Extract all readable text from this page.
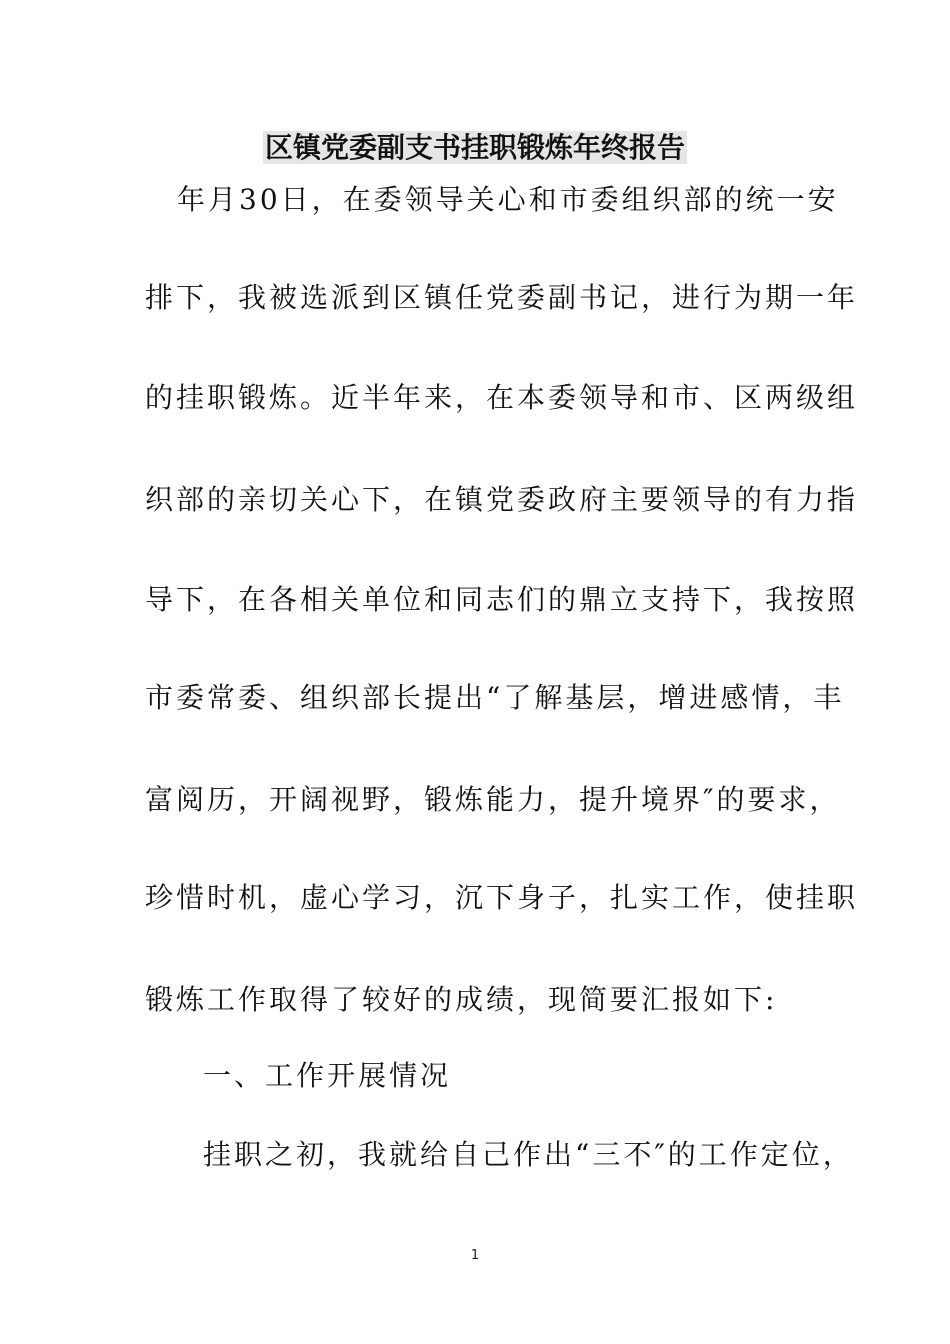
区镇党委副支书挂职锻炼年终报告
年月30日，在委领导关心和市委组织部的统一安
排下，我被选派到区镇任党委副书记，进行为期一年
的挂职锻炼。近半年来，在本委领导和市、区两级组
织部的亲切关心下，在镇党委政府主要领导的有力指
导下，在各相关单位和同志们的鼎立支持下，我按照
市委常委、组织部长提出“了解基层，增进感情，丰
富阅历，开阔视野，锻炼能力，提升境界″的要求，
珍惜时机，虚心学习，沉下身子，扎实工作，使挂职
锻炼工作取得了较好的成绩，现简要汇报如下:
一、工作开展情况
挂职之初，我就给自己作出“三不″的工作定位，
1
